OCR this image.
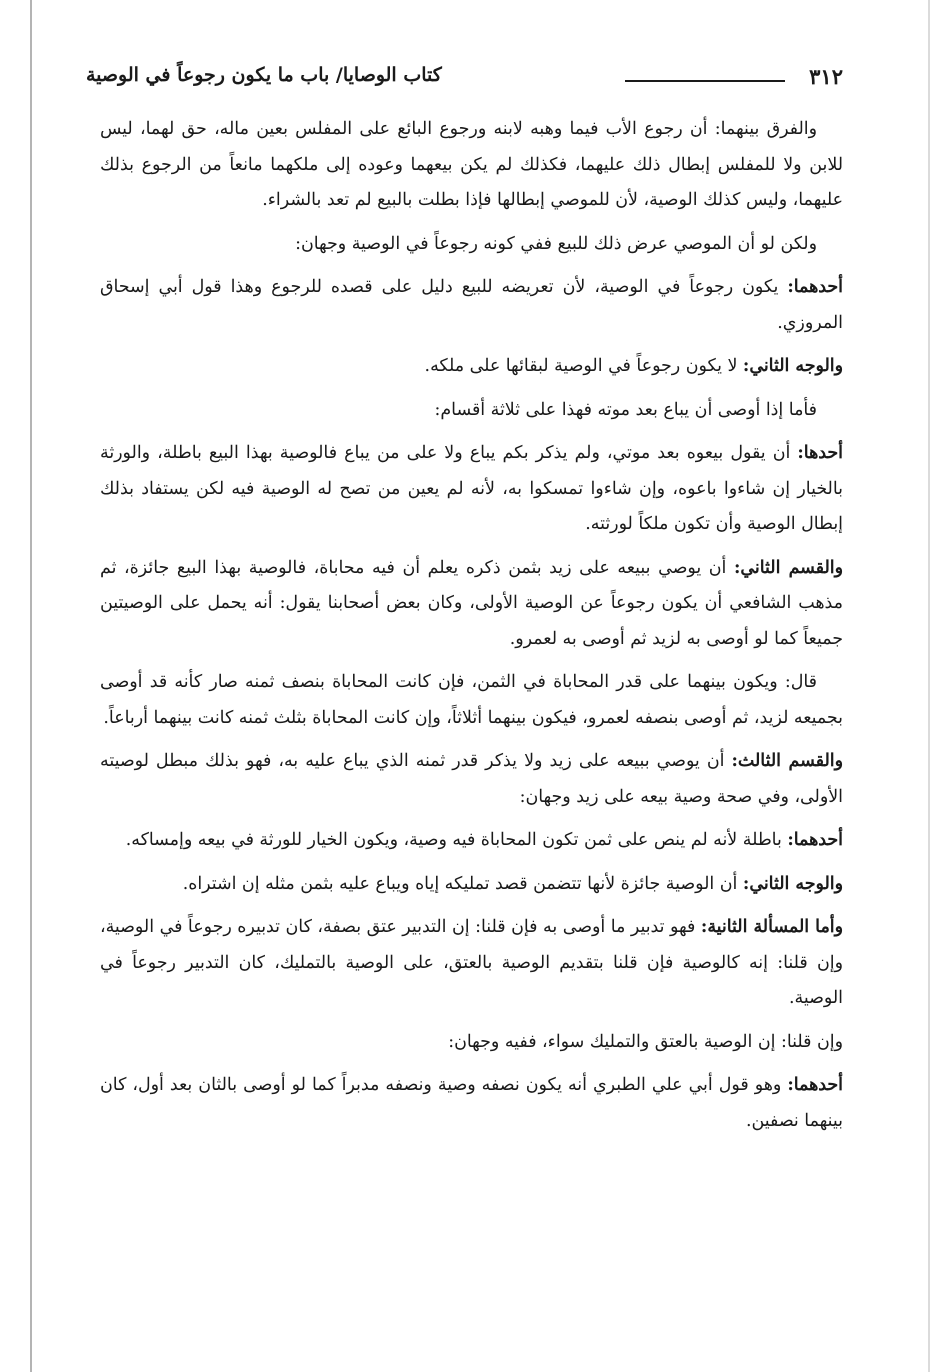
٣١٢
كتاب الوصايا/ باب ما يكون رجوعاً في الوصية

والفرق بينهما: أن رجوع الأب فيما وهبه لابنه ورجوع البائع على المفلس بعين ماله، حق لهما، ليس للابن ولا للمفلس إبطال ذلك عليهما، فكذلك لم يكن بيعهما وعوده إلى ملكهما مانعاً من الرجوع بذلك عليهما، وليس كذلك الوصية، لأن للموصي إبطالها فإذا بطلت بالبيع لم تعد بالشراء.

ولكن لو أن الموصي عرض ذلك للبيع ففي كونه رجوعاً في الوصية وجهان:

أحدهما: يكون رجوعاً في الوصية، لأن تعريضه للبيع دليل على قصده للرجوع وهذا قول أبي إسحاق المروزي.

والوجه الثاني: لا يكون رجوعاً في الوصية لبقائها على ملكه.

فأما إذا أوصى أن يباع بعد موته فهذا على ثلاثة أقسام:

أحدها: أن يقول بيعوه بعد موتي، ولم يذكر بكم يباع ولا على من يباع فالوصية بهذا البيع باطلة، والورثة بالخيار إن شاءوا باعوه، وإن شاءوا تمسكوا به، لأنه لم يعين من تصح له الوصية فيه لكن يستفاد بذلك إبطال الوصية وأن تكون ملكاً لورثته.

والقسم الثاني: أن يوصي ببيعه على زيد بثمن ذكره يعلم أن فيه محاباة، فالوصية بهذا البيع جائزة، ثم مذهب الشافعي أن يكون رجوعاً عن الوصية الأولى، وكان بعض أصحابنا يقول: أنه يحمل على الوصيتين جميعاً كما لو أوصى به لزيد ثم أوصى به لعمرو.

قال: ويكون بينهما على قدر المحاباة في الثمن، فإن كانت المحاباة بنصف ثمنه صار كأنه قد أوصى بجميعه لزيد، ثم أوصى بنصفه لعمرو، فيكون بينهما أثلاثاً، وإن كانت المحاباة بثلث ثمنه كانت بينهما أرباعاً.

والقسم الثالث: أن يوصي ببيعه على زيد ولا يذكر قدر ثمنه الذي يباع عليه به، فهو بذلك مبطل لوصيته الأولى، وفي صحة وصية بيعه على زيد وجهان:

أحدهما: باطلة لأنه لم ينص على ثمن تكون المحاباة فيه وصية، ويكون الخيار للورثة في بيعه وإمساكه.

والوجه الثاني: أن الوصية جائزة لأنها تتضمن قصد تمليكه إياه ويباع عليه بثمن مثله إن اشتراه.

وأما المسألة الثانية: فهو تدبير ما أوصى به فإن قلنا: إن التدبير عتق بصفة، كان تدبيره رجوعاً في الوصية، وإن قلنا: إنه كالوصية فإن قلنا بتقديم الوصية بالعتق، على الوصية بالتمليك، كان التدبير رجوعاً في الوصية.

وإن قلنا: إن الوصية بالعتق والتمليك سواء، ففيه وجهان:

أحدهما: وهو قول أبي علي الطبري أنه يكون نصفه وصية ونصفه مدبراً كما لو أوصى بالثان بعد أول، كان بينهما نصفين.
